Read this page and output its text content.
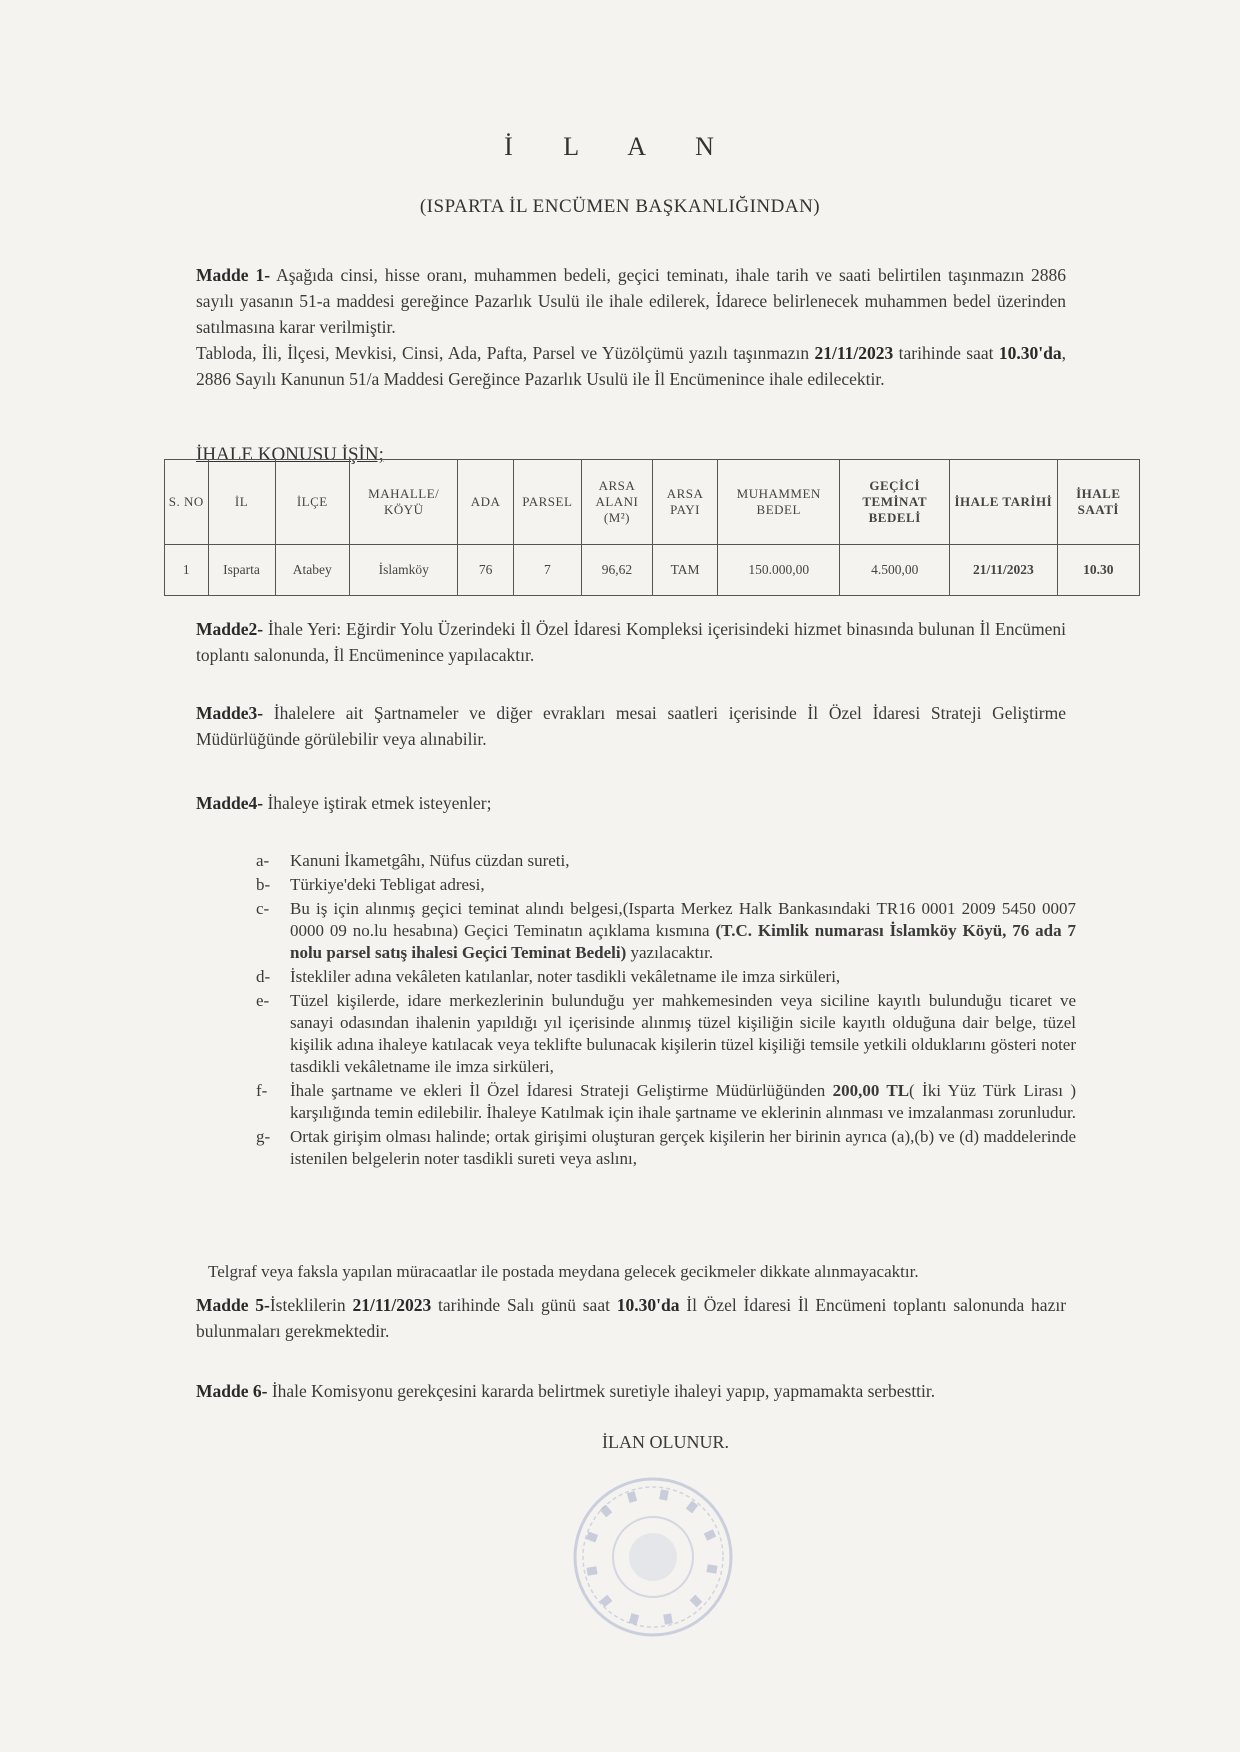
İ L A N
(ISPARTA İL ENCÜMEN BAŞKANLIĞINDAN)
Madde 1- Aşağıda cinsi, hisse oranı, muhammen bedeli, geçici teminatı, ihale tarih ve saati belirtilen taşınmazın 2886 sayılı yasanın 51-a maddesi gereğince Pazarlık Usulü ile ihale edilerek, İdarece belirlenecek muhammen bedel üzerinden satılmasına karar verilmiştir.
Tabloda, İli, İlçesi, Mevkisi, Cinsi, Ada, Pafta, Parsel ve Yüzölçümü yazılı taşınmazın 21/11/2023 tarihinde saat 10.30'da, 2886 Sayılı Kanunun 51/a Maddesi Gereğince Pazarlık Usulü ile İl Encümenince ihale edilecektir.
İHALE KONUSU İŞİN;
S. NO	İL	İLÇE	MAHALLE/ KÖYÜ	ADA	PARSEL	ARSA ALANI (M²)	ARSA PAYI	MUHAMMEN BEDEL	GEÇİCİ TEMİNAT BEDELİ	İHALE TARİHİ	İHALE SAATİ
1	Isparta	Atabey	İslamköy	76	7	96,62	TAM	150.000,00	4.500,00	21/11/2023	10.30
Madde2- İhale Yeri: Eğirdir Yolu Üzerindeki İl Özel İdaresi Kompleksi içerisindeki hizmet binasında bulunan İl Encümeni toplantı salonunda, İl Encümenince yapılacaktır.
Madde3- İhalelere ait Şartnameler ve diğer evrakları mesai saatleri içerisinde İl Özel İdaresi Strateji Geliştirme Müdürlüğünde görülebilir veya alınabilir.
Madde4- İhaleye iştirak etmek isteyenler;
a- Kanuni İkametgâhı, Nüfus cüzdan sureti,
b- Türkiye'deki Tebligat adresi,
c- Bu iş için alınmış geçici teminat alındı belgesi,(Isparta Merkez Halk Bankasındaki TR16 0001 2009 5450 0007 0000 09 no.lu hesabına) Geçici Teminatın açıklama kısmına (T.C. Kimlik numarası İslamköy Köyü, 76 ada 7 nolu parsel satış ihalesi Geçici Teminat Bedeli) yazılacaktır.
d- İstekliler adına vekâleten katılanlar, noter tasdikli vekâletname ile imza sirküleri,
e- Tüzel kişilerde, idare merkezlerinin bulunduğu yer mahkemesinden veya siciline kayıtlı bulunduğu ticaret ve sanayi odasından ihalenin yapıldığı yıl içerisinde alınmış tüzel kişiliğin sicile kayıtlı olduğuna dair belge, tüzel kişilik adına ihaleye katılacak veya teklifte bulunacak kişilerin tüzel kişiliği temsile yetkili olduklarını gösteri noter tasdikli vekâletname ile imza sirküleri,
f- İhale şartname ve ekleri İl Özel İdaresi Strateji Geliştirme Müdürlüğünden 200,00 TL( İki Yüz Türk Lirası ) karşılığında temin edilebilir. İhaleye Katılmak için ihale şartname ve eklerinin alınması ve imzalanması zorunludur.
g- Ortak girişim olması halinde; ortak girişimi oluşturan gerçek kişilerin her birinin ayrıca (a),(b) ve (d) maddelerinde istenilen belgelerin noter tasdikli sureti veya aslını,
Telgraf veya faksla yapılan müracaatlar ile postada meydana gelecek gecikmeler dikkate alınmayacaktır.
Madde 5-İsteklilerin 21/11/2023 tarihinde Salı günü saat 10.30'da İl Özel İdaresi İl Encümeni toplantı salonunda hazır bulunmaları gerekmektedir.
Madde 6- İhale Komisyonu gerekçesini kararda belirtmek suretiyle ihaleyi yapıp, yapmamakta serbesttir.
İLAN OLUNUR.
